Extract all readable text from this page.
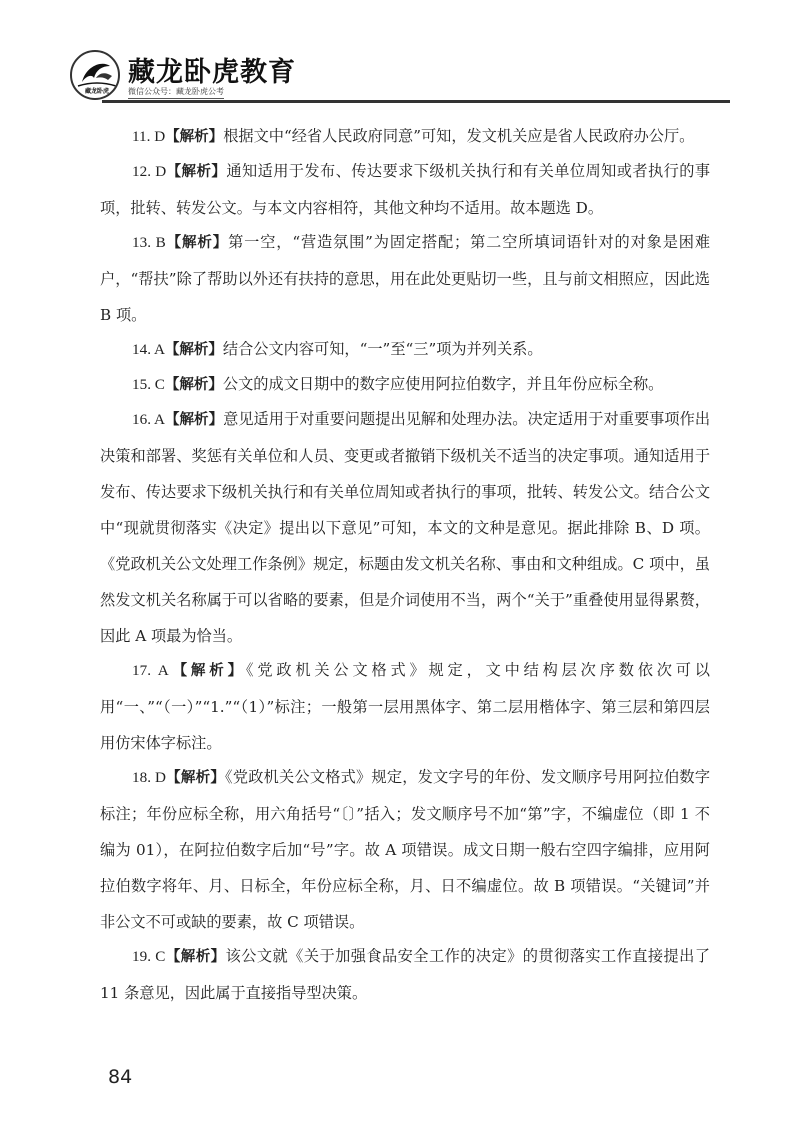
藏龙卧虎
藏龙卧虎教育
微信公众号：藏龙卧虎公考

11. D【解析】根据文中“经省人民政府同意”可知，发文机关应是省人民政府办公厅。

12. D【解析】通知适用于发布、传达要求下级机关执行和有关单位周知或者执行的事项，批转、转发公文。与本文内容相符，其他文种均不适用。故本题选 D。

13. B【解析】第一空，“营造氛围”为固定搭配；第二空所填词语针对的对象是困难户，“帮扶”除了帮助以外还有扶持的意思，用在此处更贴切一些，且与前文相照应，因此选 B 项。

14. A【解析】结合公文内容可知，“一”至“三”项为并列关系。

15. C【解析】公文的成文日期中的数字应使用阿拉伯数字，并且年份应标全称。

16. A【解析】意见适用于对重要问题提出见解和处理办法。决定适用于对重要事项作出决策和部署、奖惩有关单位和人员、变更或者撤销下级机关不适当的决定事项。通知适用于发布、传达要求下级机关执行和有关单位周知或者执行的事项，批转、转发公文。结合公文中“现就贯彻落实《决定》提出以下意见”可知，本文的文种是意见。据此排除 B、D 项。《党政机关公文处理工作条例》规定，标题由发文机关名称、事由和文种组成。C 项中，虽然发文机关名称属于可以省略的要素，但是介词使用不当，两个“关于”重叠使用显得累赘，因此 A 项最为恰当。

17. A【解析】《党政机关公文格式》规定，文中结构层次序数依次可以用“一、”“（一）”“1.”“（1）”标注；一般第一层用黑体字、第二层用楷体字、第三层和第四层用仿宋体字标注。

18. D【解析】《党政机关公文格式》规定，发文字号的年份、发文顺序号用阿拉伯数字标注；年份应标全称，用六角括号“〔〕”括入；发文顺序号不加“第”字，不编虚位（即 1 不编为 01），在阿拉伯数字后加“号”字。故 A 项错误。成文日期一般右空四字编排，应用阿拉伯数字将年、月、日标全，年份应标全称，月、日不编虚位。故 B 项错误。“关键词”并非公文不可或缺的要素，故 C 项错误。

19. C【解析】该公文就《关于加强食品安全工作的决定》的贯彻落实工作直接提出了 11 条意见，因此属于直接指导型决策。

84
